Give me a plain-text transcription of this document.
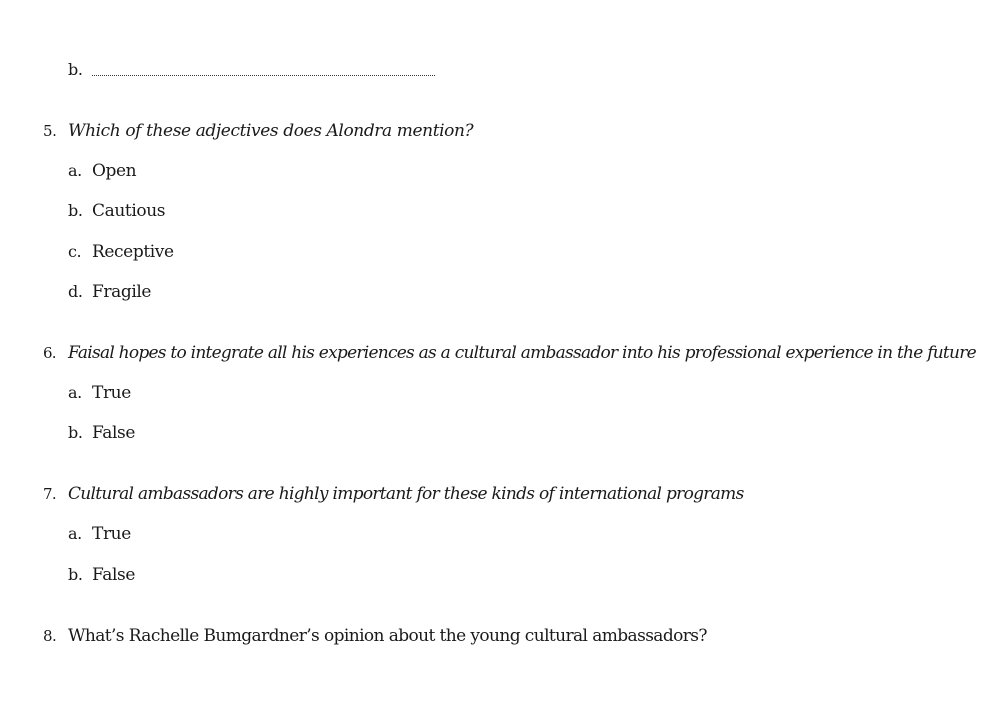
b.
5. Which of these adjectives does Alondra mention?
a. Open
b. Cautious
c. Receptive
d. Fragile
6. Faisal hopes to integrate all his experiences as a cultural ambassador into his professional experience in the future
a. True
b. False
7. Cultural ambassadors are highly important for these kinds of international programs
a. True
b. False
8. What’s Rachelle Bumgardner’s opinion about the young cultural ambassadors?
